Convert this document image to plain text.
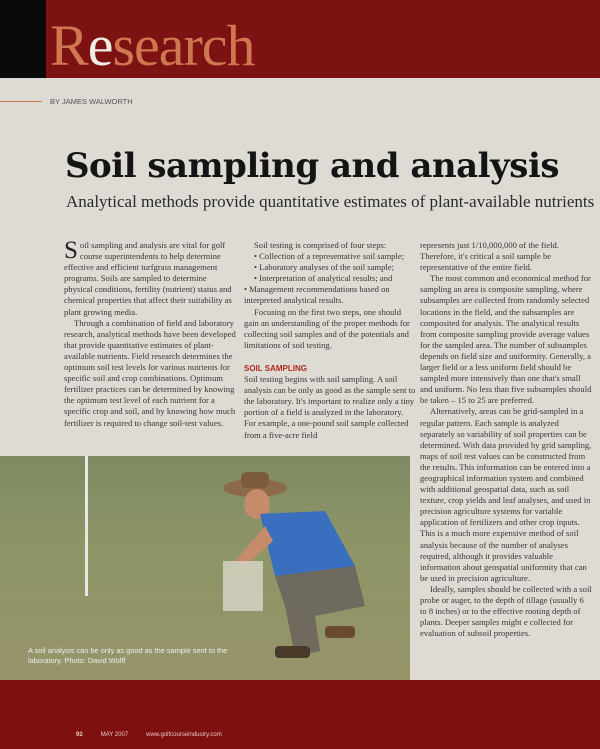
Research
BY JAMES WALWORTH
Soil sampling and analysis
Analytical methods provide quantitative estimates of plant-available nutrients

Soil sampling and analysis are vital for golf course superintendents to help determine effective and efficient turfgrass management programs. Soils are sampled to determine physical conditions, fertility (nutrient) status and chemical properties that affect their suitability as plant growing media.

Through a combination of field and laboratory research, analytical methods have been developed that provide quantitative estimates of plant-available nutrients. Field research determines the optimum soil test levels for various nutrients for specific soil and crop combinations. Optimum fertilizer practices can be determined by knowing the optimum test level of each nutrient for a specific crop and soil, and by knowing how much fertilizer is required to change soil-test values.

Soil testing is comprised of four steps:

• Collection of a representative soil sample;

• Laboratory analyses of the soil sample;

• Interpretation of analytical results; and

• Management recommendations based on interpreted analytical results.

Focusing on the first two steps, one should gain an understanding of the proper methods for collecting soil samples and of the potentials and limitations of soil testing.

SOIL SAMPLING

Soil testing begins with soil sampling. A soil analysis can be only as good as the sample sent to the laboratory. It's important to realize only a tiny portion of a field is analyzed in the laboratory. For example, a one-pound soil sample collected from a five-acre field

represents just 1/10,000,000 of the field. Therefore, it's critical a soil sample be representative of the entire field.

The most common and economical method for sampling an area is composite sampling, where subsamples are collected from randomly selected locations in the field, and the subsamples are composited for analysis. The analytical results from composite sampling provide average values for the sampled area. The number of subsamples depends on field size and uniformity. Generally, a larger field or a less uniform field should be sampled more intensively than one that's small and uniform. No less than five subsamples should be taken – 15 to 25 are preferred.

Alternatively, areas can be grid-sampled in a regular pattern. Each sample is analyzed separately so variability of soil properties can be determined. With data provided by grid sampling, maps of soil test values can be constructed from the results. This information can be entered into a geographical information system and combined with additional geospatial data, such as soil texture, crop yields and leaf analyses, and used in precision agriculture systems for variable application of fertilizers and other crop inputs. This is a much more expensive method of soil analysis because of the number of analyses required, although it provides valuable information about geospatial uniformity that can be used in precision agriculture.

Ideally, samples should be collected with a soil probe or auger, to the depth of tillage (usually 6 to 8 inches) or to the effective rooting depth of plants. Deeper samples might e collected for evaluation of subsoil properties.

A soil analysis can be only as good as the sample sent to the laboratory. Photo: David Wolff
92	MAY 2007	www.golfcourseindustry.com
